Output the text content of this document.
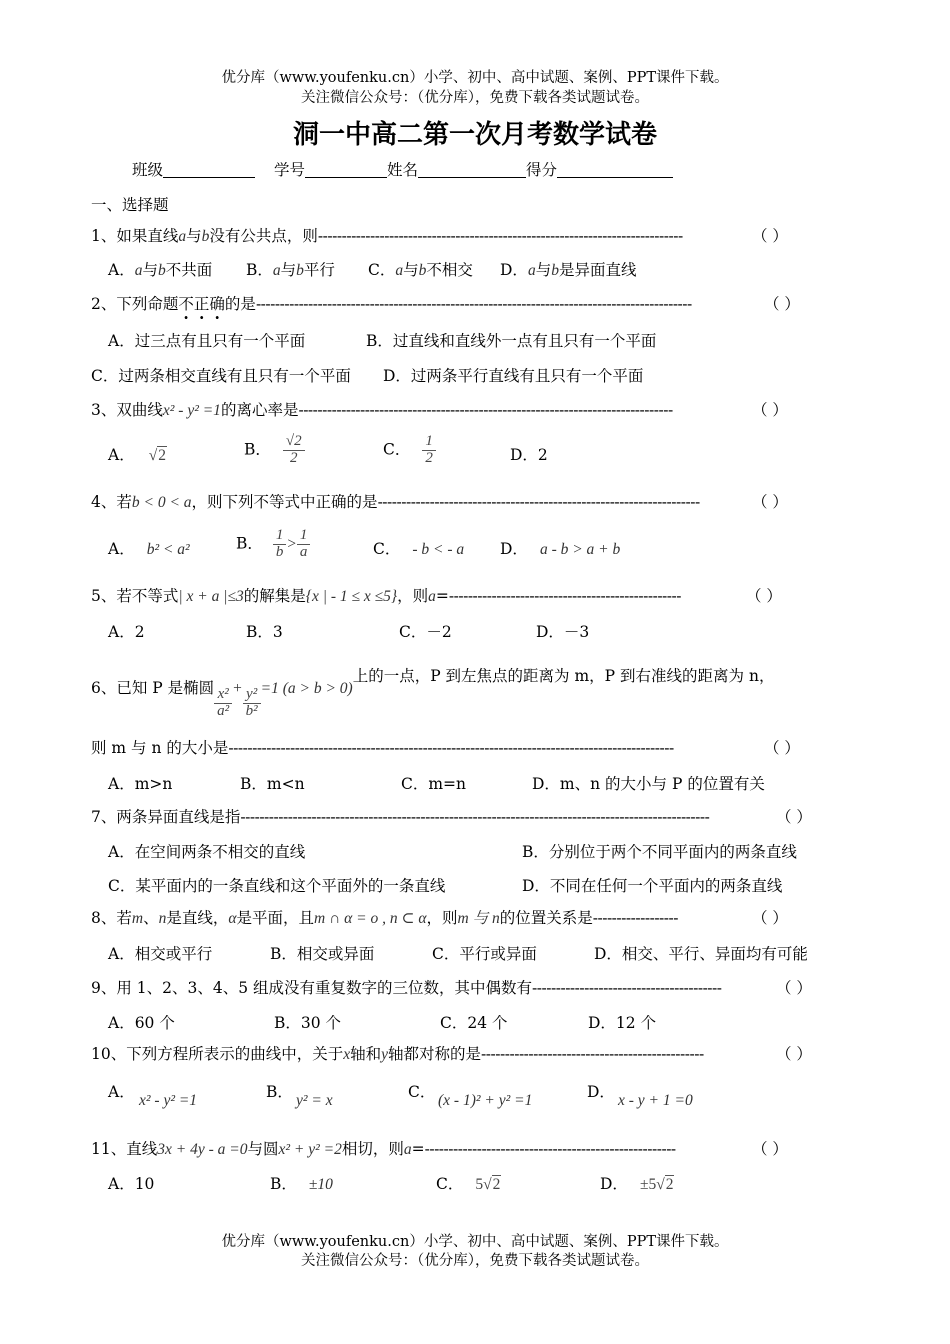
优分库（www.youfenku.cn）小学、初中、高中试题、案例、PPT课件下载。
关注微信公众号：（优分库），免费下载各类试题试卷。
洞一中高二第一次月考数学试卷
班级	学号	姓名	得分
一、选择题
1、如果直线a与b没有公共点，则-----------------------------------------------------------------------------	（ ）
A．a与b不共面 B．a与b平行 C．a与b不相交 D．a与b是异面直线
2、下列命题不正确的是--------------------------------------------------------------------------------------------	（ ）
A．过三点有且只有一个平面	B．过直线和直线外一点有且只有一个平面
C．过两条相交直线有且只有一个平面 D．过两条平行直线有且只有一个平面
3、双曲线x² - y² =1的离心率是-------------------------------------------------------------------------------	（ ）
A． √2	B． $\frac{√2}{2}$	C． $\frac{1}{2}$	D．2
4、若b < 0 < a，则下列不等式中正确的是--------------------------------------------------------------------	（ ）
A． b² < a²	B． $\frac{1}{b} > \frac{1}{a}$	C． - b < - a D． a - b > a + b
5、若不等式| x + a |≤3的解集是{x | - 1 ≤ x ≤5}，则a=-------------------------------------------------	（ ）
A．2	B．3	C．－2	D．－3
6、已知 P 是椭圆 $\frac{\text{x²}}{\text{a²}} + \frac{\text{y²}}{\text{b²}} =1$ (a > b > 0)上的一点，P 到左焦点的距离为 m，P 到右准线的距离为 n，
则 m 与 n 的大小是----------------------------------------------------------------------------------------------	（ ）
A．m>n	B．m<n	C．m=n	D．m、n 的大小与 P 的位置有关
7、两条异面直线是指---------------------------------------------------------------------------------------------------	（ ）
A．在空间两条不相交的直线	B．分别位于两个不同平面内的两条直线
C．某平面内的一条直线和这个平面外的一条直线	D．不同在任何一个平面内的两条直线
8、若m、n是直线，α是平面，且m ∩ α = o , n ⊂ α，则m 与 n的位置关系是------------------	（ ）
A．相交或平行	B．相交或异面	C．平行或异面	D．相交、平行、异面均有可能
9、用 1、2、3、4、5 组成没有重复数字的三位数，其中偶数有----------------------------------------	（ ）
A．60 个	B．30 个	C．24 个	D．12 个
10、下列方程所表示的曲线中，关于x轴和y轴都对称的是-----------------------------------------------	（ ）
A． x² - y² =1	B． y² = x	C． (x - 1)² + y² =1	D． x - y + 1 =0
11、直线3x + 4y - a =0与圆x² + y² =2相切，则a=-----------------------------------------------------	（ ）
A．10	B． ±10	C． 5√2	D． ±5√2
优分库（www.youfenku.cn）小学、初中、高中试题、案例、PPT课件下载。
关注微信公众号：（优分库），免费下载各类试题试卷。
